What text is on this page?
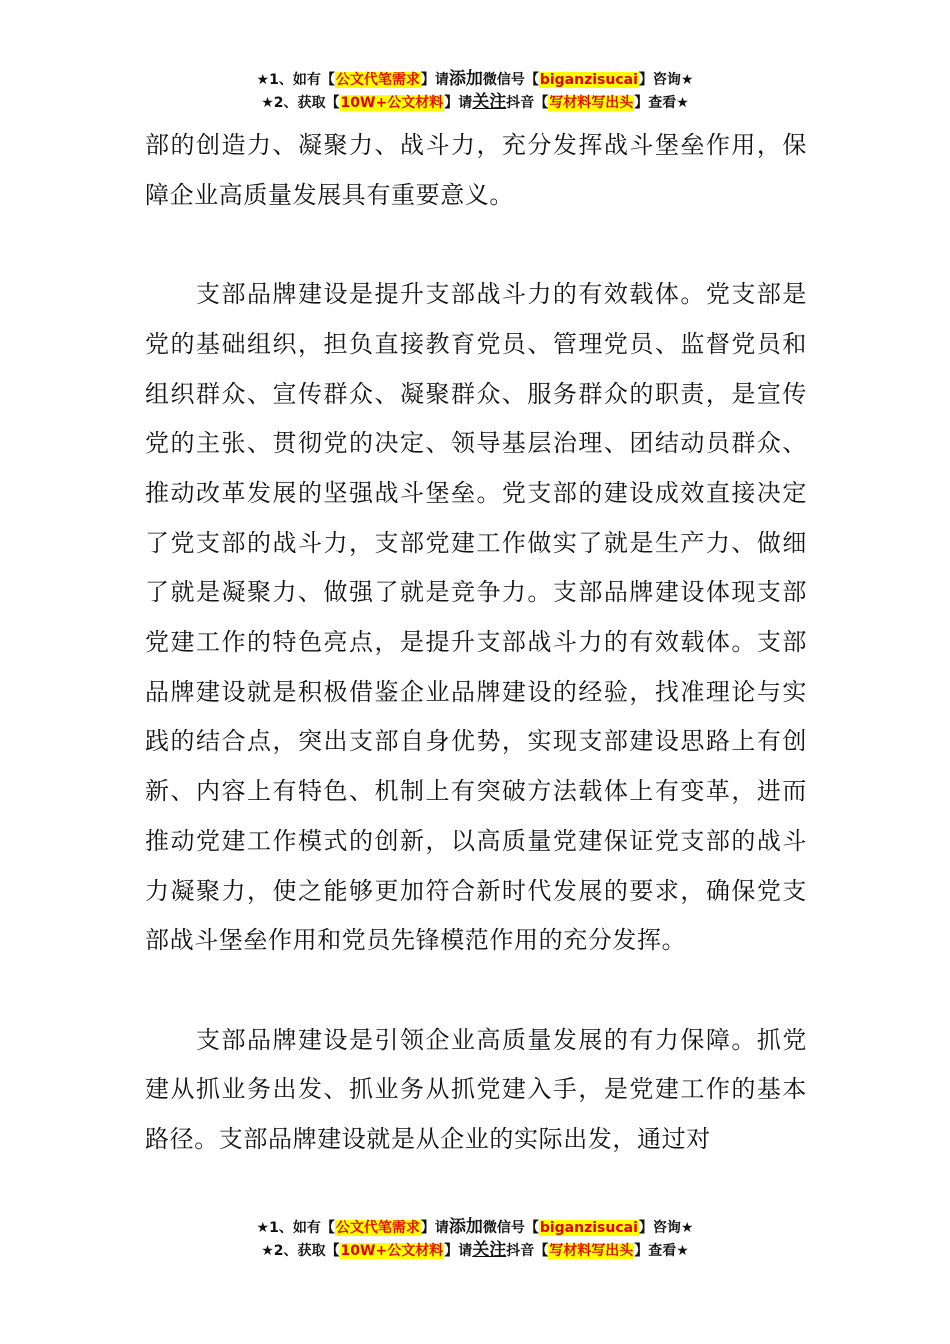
★1、如有【公文代笔需求】请添加微信号【biganzisucai】咨询★
★2、获取【10W+公文材料】请关注抖音【写材料写出头】查看★

部的创造力、凝聚力、战斗力，充分发挥战斗堡垒作用，保障企业高质量发展具有重要意义。

支部品牌建设是提升支部战斗力的有效载体。党支部是党的基础组织，担负直接教育党员、管理党员、监督党员和组织群众、宣传群众、凝聚群众、服务群众的职责，是宣传党的主张、贯彻党的决定、领导基层治理、团结动员群众、推动改革发展的坚强战斗堡垒。党支部的建设成效直接决定了党支部的战斗力，支部党建工作做实了就是生产力、做细了就是凝聚力、做强了就是竞争力。支部品牌建设体现支部党建工作的特色亮点，是提升支部战斗力的有效载体。支部品牌建设就是积极借鉴企业品牌建设的经验，找准理论与实践的结合点，突出支部自身优势，实现支部建设思路上有创新、内容上有特色、机制上有突破方法载体上有变革，进而推动党建工作模式的创新，以高质量党建保证党支部的战斗力凝聚力，使之能够更加符合新时代发展的要求，确保党支部战斗堡垒作用和党员先锋模范作用的充分发挥。

支部品牌建设是引领企业高质量发展的有力保障。抓党建从抓业务出发、抓业务从抓党建入手，是党建工作的基本路径。支部品牌建设就是从企业的实际出发，通过对

★1、如有【公文代笔需求】请添加微信号【biganzisucai】咨询★
★2、获取【10W+公文材料】请关注抖音【写材料写出头】查看★
